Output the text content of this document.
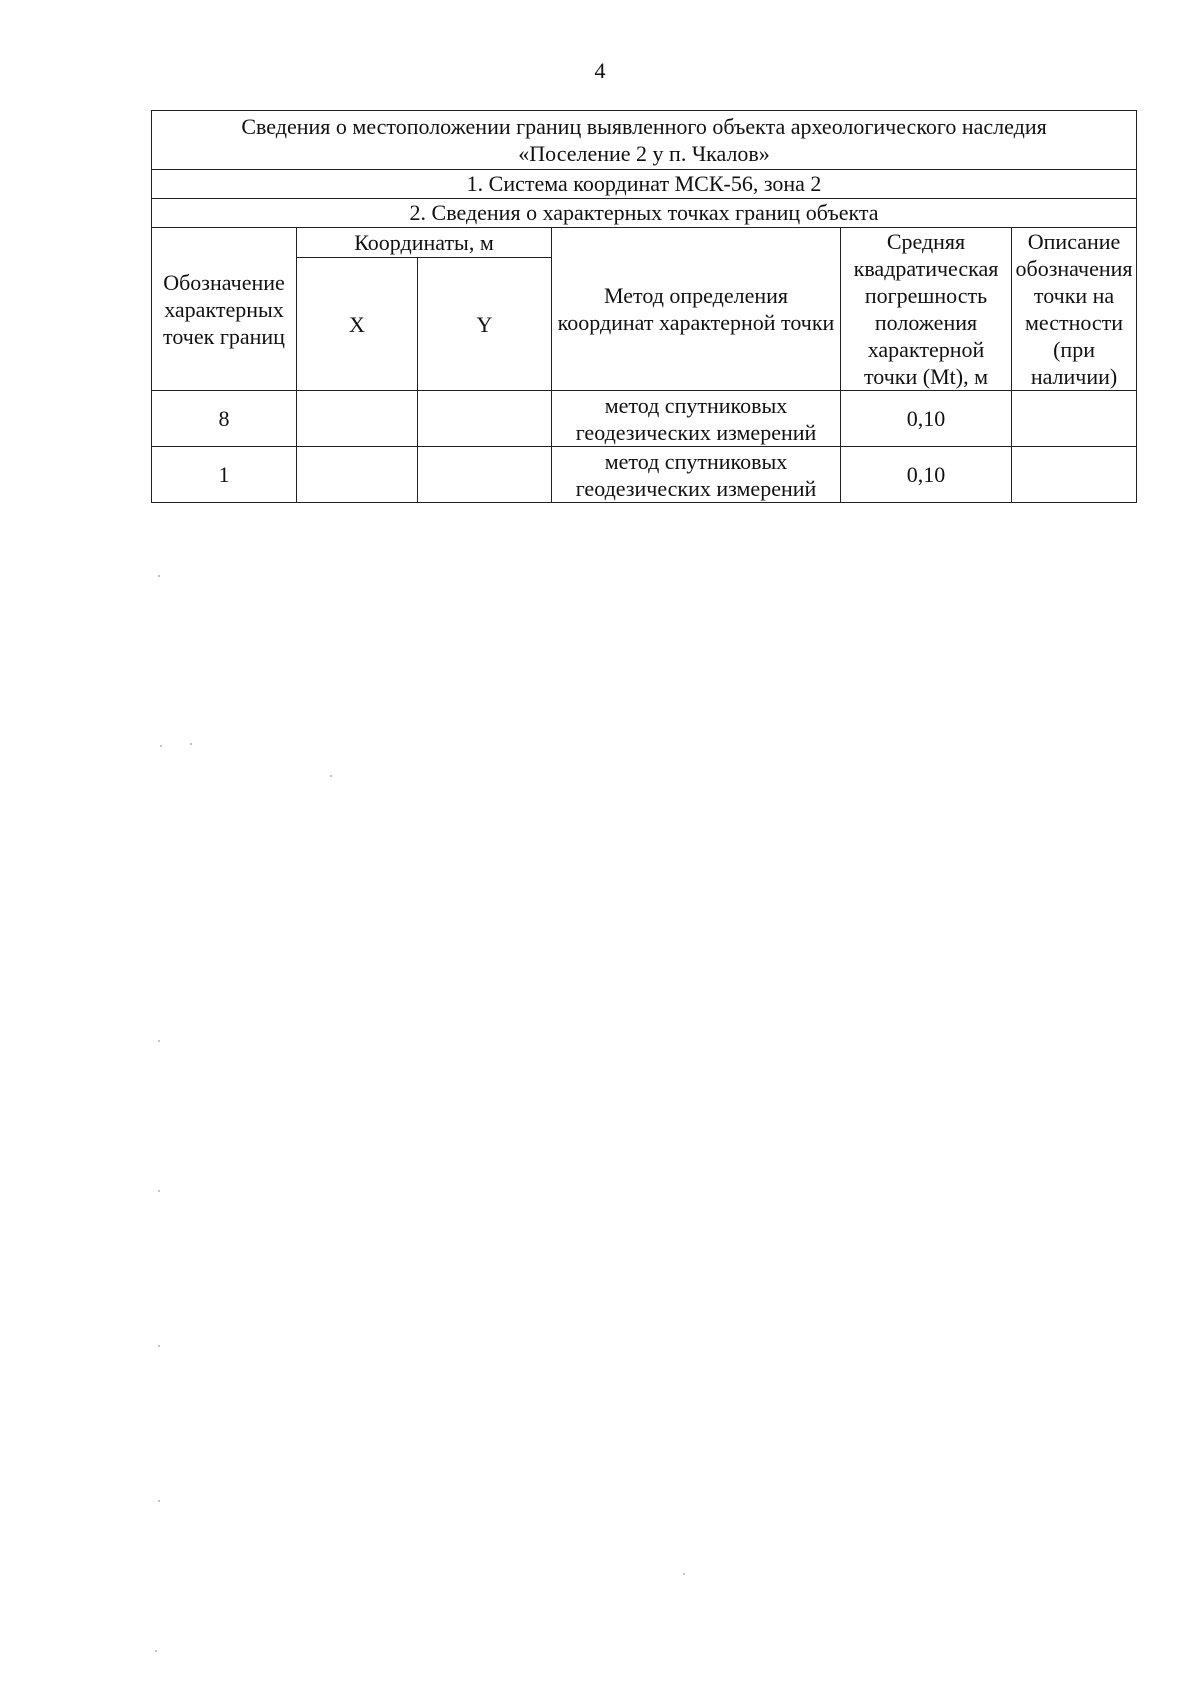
4
Сведения о местоположении границ выявленного объекта археологического наследия
«Поселение 2 у п. Чкалов»					

1. Система координат МСК-56, зона 2					
2. Сведения о характерных точках границ объекта					
Обозначение характерных точек границ	Координаты, м		Метод определения координат характерной точки	Средняя квадратическая погрешность положения характерной точки (Mt), м	Описание обозначения точки на местности (при наличии)
	X	Y			
8			метод спутниковых геодезических измерений	0,10	
1			метод спутниковых геодезических измерений	0,10	
